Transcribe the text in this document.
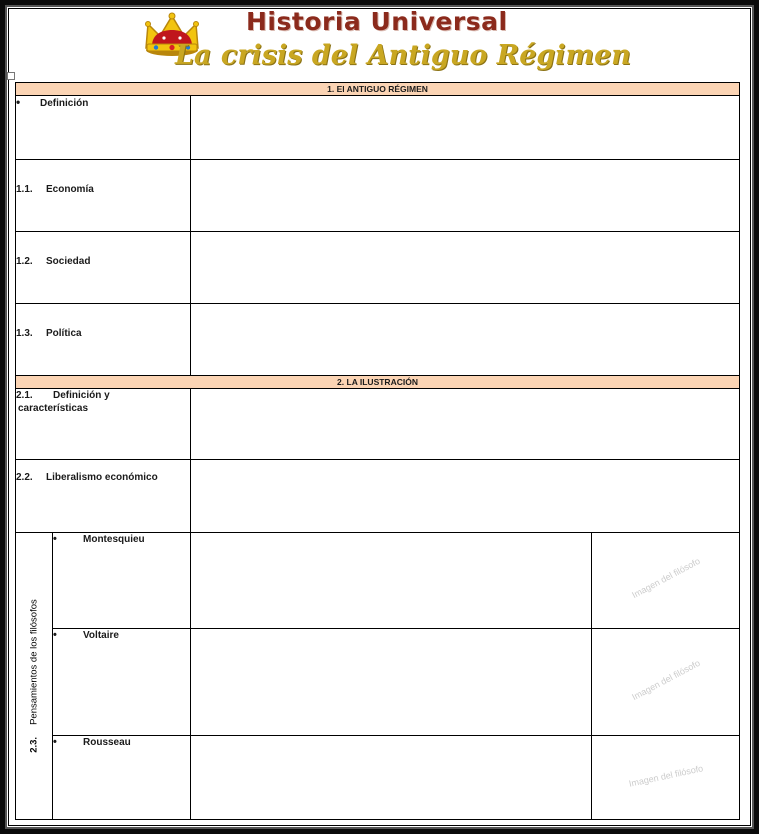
Historia Universal
La crisis del Antiguo Régimen
1. El ANTIGUO RÉGIMEN			
• Definición			
1.1. Economía			
1.2. Sociedad			
1.3. Política			
2. LA ILUSTRACIÓN			
2.1. Definición y
características			
2.2. Liberalismo económico			

2.3.Pensamientos de los filósofos	• Montesquieu		Imagen del filósofo

	• Voltaire		Imagen del filósofo

	• Rousseau		Imagen del filósofo
